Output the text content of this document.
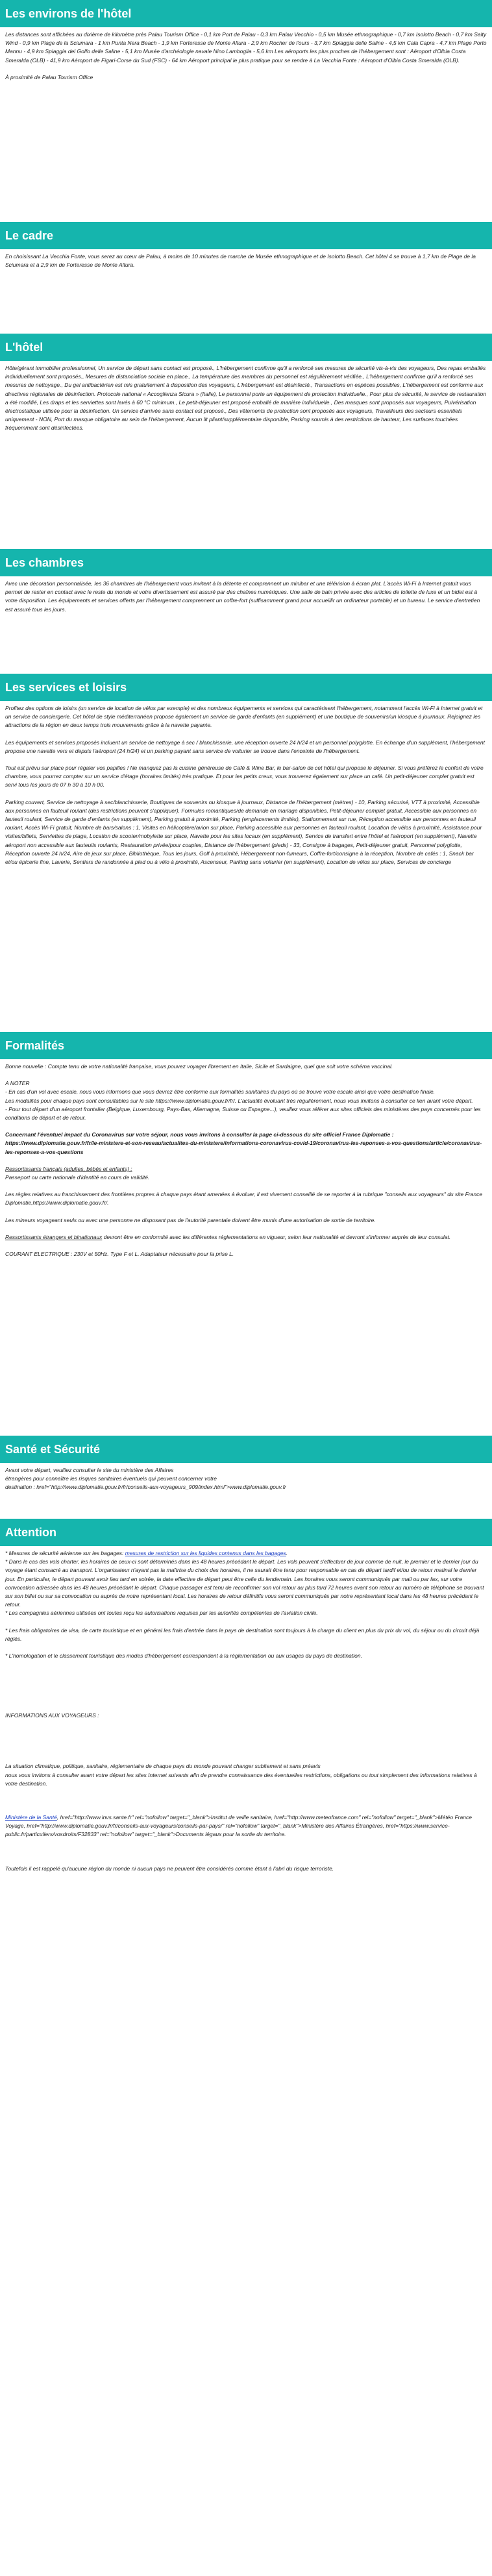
Les environs de l'hôtel

Les distances sont affichées au dixième de kilomètre près Palau Tourism Office - 0,1 km Port de Palau - 0,3 km Palau Vecchio - 0,5 km Musée ethnographique - 0,7 km Isolotto Beach - 0,7 km Salty Wind - 0,9 km Plage de la Sciumara - 1 km Punta Nera Beach - 1,9 km Forteresse de Monte Altura - 2,9 km Rocher de l'ours - 3,7 km Spiaggia delle Saline - 4,5 km Cala Capra - 4,7 km Plage Porto Mannu - 4,9 km Spiaggia del Golfo delle Saline - 5,1 km Musée d'archéologie navale Nino Lamboglia - 5,6 km Les aéroports les plus proches de l'hébergement sont : Aéroport d'Olbia Costa Smeralda (OLB) - 41,9 km Aéroport de Figari-Corse du Sud (FSC) - 64 km Aéroport principal le plus pratique pour se rendre à La Vecchia Fonte : Aéroport d'Olbia Costa Smeralda (OLB).

À proximité de Palau Tourism Office

Le cadre

En choisissant La Vecchia Fonte, vous serez au cœur de Palau, à moins de 10 minutes de marche de Musée ethnographique et de Isolotto Beach. Cet hôtel 4 se trouve à 1,7 km de Plage de la Sciumara et à 2,9 km de Forteresse de Monte Altura.

L'hôtel

Hôte/gérant immobilier professionnel, Un service de départ sans contact est proposé., L'hébergement confirme qu'il a renforcé ses mesures de sécurité vis-à-vis des voyageurs, Des repas emballés individuellement sont proposés., Mesures de distanciation sociale en place., La température des membres du personnel est régulièrement vérifiée., L'hébergement confirme qu'il a renforcé ses mesures de nettoyage., Du gel antibactérien est mis gratuitement à disposition des voyageurs, L'hébergement est désinfecté., Transactions en espèces possibles, L'hébergement est conforme aux directives régionales de désinfection. Protocole national « Accoglienza Sicura » (Italie), Le personnel porte un équipement de protection individuelle., Pour plus de sécurité, le service de restauration a été modifié, Les draps et les serviettes sont lavés à 60 °C minimum., Le petit-déjeuner est proposé emballé de manière individuelle., Des masques sont proposés aux voyageurs, Pulvérisation électrostatique utilisée pour la désinfection. Un service d'arrivée sans contact est proposé., Des vêtements de protection sont proposés aux voyageurs, Travailleurs des secteurs essentiels uniquement - NON, Port du masque obligatoire au sein de l'hébergement, Aucun lit pliant/supplémentaire disponible, Parking soumis à des restrictions de hauteur, Les surfaces touchées fréquemment sont désinfectées.

Les chambres

Avec une décoration personnalisée, les 36 chambres de l'hébergement vous invitent à la détente et comprennent un minibar et une télévision à écran plat. L'accès Wi-Fi à Internet gratuit vous permet de rester en contact avec le reste du monde et votre divertissement est assuré par des chaînes numériques. Une salle de bain privée avec des articles de toilette de luxe et un bidet est à votre disposition. Les équipements et services offerts par l'hébergement comprennent un coffre-fort (suffisamment grand pour accueillir un ordinateur portable) et un bureau. Le service d'entretien est assuré tous les jours.

Les services et loisirs

Profitez des options de loisirs (un service de location de vélos par exemple) et des nombreux équipements et services qui caractérisent l'hébergement, notamment l'accès Wi-Fi à Internet gratuit et un service de conciergerie. Cet hôtel de style méditerranéen propose également un service de garde d'enfants (en supplément) et une boutique de souvenirs/un kiosque à journaux. Rejoignez les attractions de la région en deux temps trois mouvements grâce à la navette payante.

Les équipements et services proposés incluent un service de nettoyage à sec / blanchisserie, une réception ouverte 24 h/24 et un personnel polyglotte. En échange d'un supplément, l'hébergement propose une navette vers et depuis l'aéroport (24 h/24) et un parking payant sans service de voiturier se trouve dans l'enceinte de l'hébergement.

Tout est prévu sur place pour régaler vos papilles ! Ne manquez pas la cuisine généreuse de Café & Wine Bar, le bar-salon de cet hôtel qui propose le déjeuner. Si vous préférez le confort de votre chambre, vous pourrez compter sur un service d'étage (horaires limités) très pratique. Et pour les petits creux, vous trouverez également sur place un café. Un petit-déjeuner complet gratuit est servi tous les jours de 07 h 30 à 10 h 00.

Parking couvert, Service de nettoyage à sec/blanchisserie, Boutiques de souvenirs ou kiosque à journaux, Distance de l'hébergement (mètres) - 10, Parking sécurisé, VTT à proximité, Accessible aux personnes en fauteuil roulant (des restrictions peuvent s'appliquer), Formules romantiques/de demande en mariage disponibles, Petit-déjeuner complet gratuit, Accessible aux personnes en fauteuil roulant, Service de garde d'enfants (en supplément), Parking gratuit à proximité, Parking (emplacements limités), Stationnement sur rue, Réception accessible aux personnes en fauteuil roulant, Accès Wi-Fi gratuit, Nombre de bars/salons : 1, Visites en hélicoptère/avion sur place, Parking accessible aux personnes en fauteuil roulant, Location de vélos à proximité, Assistance pour visites/billets, Serviettes de plage, Location de scooter/mobylette sur place, Navette pour les sites locaux (en supplément), Service de transfert entre l'hôtel et l'aéroport (en supplément), Navette aéroport non accessible aux fauteuils roulants, Restauration privée/pour couples, Distance de l'hébergement (pieds) - 33, Consigne à bagages, Petit-déjeuner gratuit, Personnel polyglotte, Réception ouverte 24 h/24, Aire de jeux sur place, Bibliothèque, Tous les jours, Golf à proximité, Hébergement non-fumeurs, Coffre-fort/consigne à la réception, Nombre de cafés : 1, Snack bar et/ou épicerie fine, Laverie, Sentiers de randonnée à pied ou à vélo à proximité, Ascenseur, Parking sans voiturier (en supplément), Location de vélos sur place, Services de concierge

Formalités

Bonne nouvelle : Compte tenu de votre nationalité française, vous pouvez voyager librement en Italie, Sicile et Sardaigne, quel que soit votre schéma vaccinal.

A NOTER
- En cas d'un vol avec escale, nous vous informons que vous devrez être conforme aux formalités sanitaires du pays où se trouve votre escale ainsi que votre destination finale.
Les modalités pour chaque pays sont consultables sur le site https://www.diplomatie.gouv.fr/fr/. L'actualité évoluant très régulièrement, nous vous invitons à consulter ce lien avant votre départ.
- Pour tout départ d'un aéroport frontalier (Belgique, Luxembourg, Pays-Bas, Allemagne, Suisse ou Espagne...), veuillez vous référer aux sites officiels des ministères des pays concernés pour les conditions de départ et de retour.

Concernant l'éventuel impact du Coronavirus sur votre séjour, nous vous invitons à consulter la page ci-dessous du site officiel France Diplomatie : https://www.diplomatie.gouv.fr/fr/le-ministere-et-son-reseau/actualites-du-ministere/informations-coronavirus-covid-19/coronavirus-les-reponses-a-vos-questions/article/coronavirus-les-reponses-a-vos-questions

Ressortissants français (adultes, bébés et enfants) :
Passeport ou carte nationale d'identité en cours de validité.

Les règles relatives au franchissement des frontières propres à chaque pays étant amenées à évoluer, il est vivement conseillé de se reporter à la rubrique "conseils aux voyageurs" du site France Diplomatie,https://www.diplomatie.gouv.fr/.

Les mineurs voyageant seuls ou avec une personne ne disposant pas de l'autorité parentale doivent être munis d'une autorisation de sortie de territoire.

Ressortissants étrangers et binationaux devront être en conformité avec les différentes réglementations en vigueur, selon leur nationalité et devront s'informer auprès de leur consulat.

COURANT ELECTRIQUE : 230V et 50Hz. Type F et L. Adaptateur nécessaire pour la prise L.

Santé et Sécurité

Avant votre départ, veuillez consulter le site du ministère des Affaires
étrangères pour connaître les risques sanitaires éventuels qui peuvent concerner votre
destination : href="http://www.diplomatie.gouv.fr/fr/conseils-aux-voyageurs_909/index.html">www.diplomatie.gouv.fr

Attention

* Mesures de sécurité aérienne sur les bagages: mesures de restriction sur les liquides contenus dans les bagages.
* Dans le cas des vols charter, les horaires de ceux-ci sont déterminés dans les 48 heures précédant le départ. Les vols peuvent s'effectuer de jour comme de nuit, le premier et le dernier jour du voyage étant consacré au transport. L'organisateur n'ayant pas la maîtrise du choix des horaires, il ne saurait être tenu pour responsable en cas de départ tardif et/ou de retour matinal le dernier jour. En particulier, le départ pouvant avoir lieu tard en soirée, la date effective de départ peut être celle du lendemain. Les horaires vous seront communiqués par mail ou par fax, sur votre convocation adressée dans les 48 heures précédant le départ. Chaque passager est tenu de reconfirmer son vol retour au plus tard 72 heures avant son retour au numéro de téléphone se trouvant sur son billet ou sur sa convocation ou auprès de notre représentant local. Les horaires de retour définitifs vous seront communiqués par notre représentant local dans les 48 heures précédant le retour.
* Les compagnies aériennes utilisées ont toutes reçu les autorisations requises par les autorités compétentes de l'aviation civile.

* Les frais obligatoires de visa, de carte touristique et en général les frais d'entrée dans le pays de destination sont toujours à la charge du client en plus du prix du vol, du séjour ou du circuit déjà réglés.

* L'homologation et le classement touristique des modes d'hébergement correspondent à la réglementation ou aux usages du pays de destination.

INFORMATIONS AUX VOYAGEURS :

La situation climatique, politique, sanitaire, réglementaire de chaque pays du monde pouvant changer subitement et sans préavis
nous vous invitons à consulter avant votre départ les sites Internet suivants afin de prendre connaissance des éventuelles restrictions, obligations ou tout simplement des informations relatives à votre destination.

Ministère de la Santé, href="http://www.invs.sante.fr" rel="nofollow" target="_blank">Institut de veille sanitaire, href="http://www.meteofrance.com" rel="nofollow" target="_blank">Météo France Voyage, href="http://www.diplomatie.gouv.fr/fr/conseils-aux-voyageurs/conseils-par-pays/" rel="nofollow" target="_blank">Ministère des Affaires Étrangères, href="https://www.service-public.fr/particuliers/vosdroits/F32833" rel="nofollow" target="_blank">Documents légaux pour la sortie du territoire.

Toutefois il est rappelé qu'aucune région du monde ni aucun pays ne peuvent être considérés comme étant à l'abri du risque terroriste.
